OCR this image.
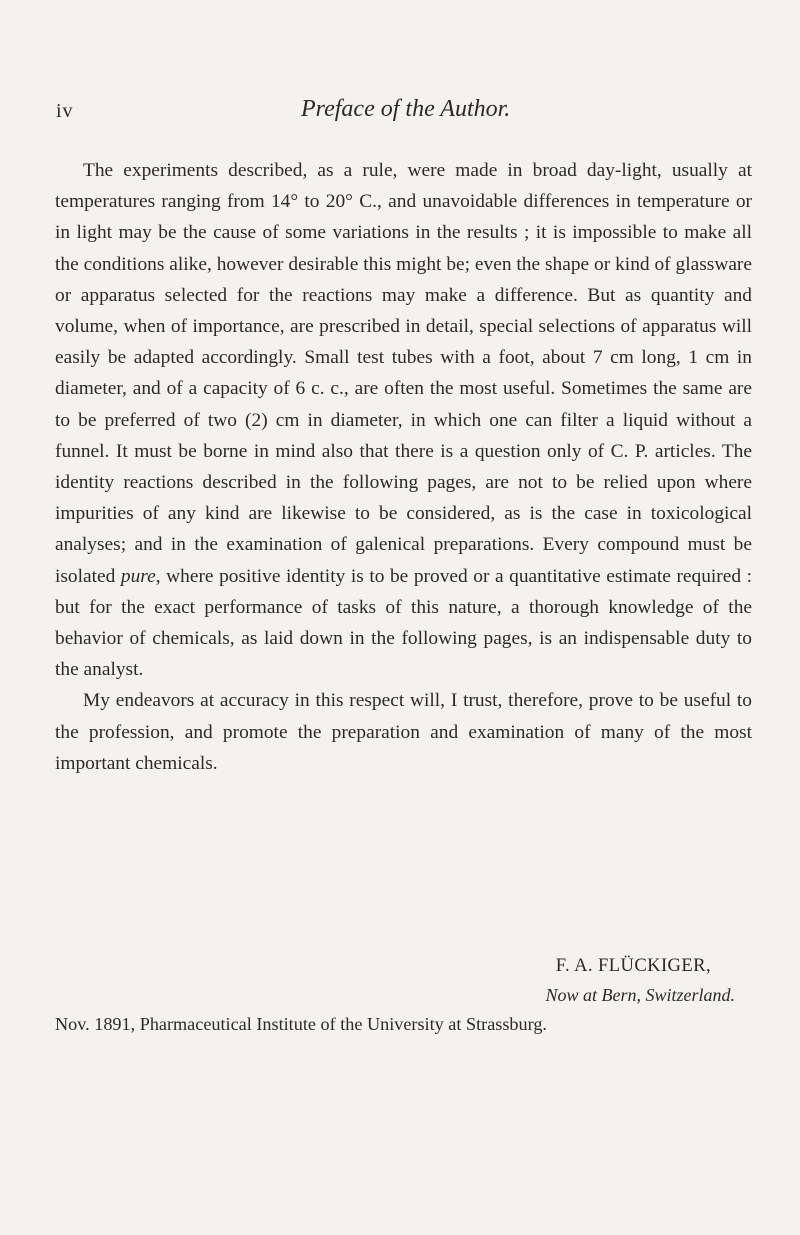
iv	Preface of the Author.

The experiments described, as a rule, were made in broad day-light, usually at temperatures ranging from 14° to 20° C., and unavoidable differences in temperature or in light may be the cause of some variations in the results ; it is impossible to make all the conditions alike, however desirable this might be; even the shape or kind of glassware or apparatus selected for the reactions may make a difference. But as quantity and volume, when of importance, are prescribed in detail, special selections of apparatus will easily be adapted accordingly. Small test tubes with a foot, about 7 cm long, 1 cm in diameter, and of a capacity of 6 c. c., are often the most useful. Sometimes the same are to be preferred of two (2) cm in diameter, in which one can filter a liquid without a funnel. It must be borne in mind also that there is a question only of C. P. articles. The identity reactions described in the following pages, are not to be relied upon where impurities of any kind are likewise to be considered, as is the case in toxicological analyses; and in the examination of galenical preparations. Every compound must be isolated pure, where positive identity is to be proved or a quantitative estimate required : but for the exact performance of tasks of this nature, a thorough knowledge of the behavior of chemicals, as laid down in the following pages, is an indispensable duty to the analyst.

My endeavors at accuracy in this respect will, I trust, therefore, prove to be useful to the profession, and promote the preparation and examination of many of the most important chemicals.

F. A. FLÜCKIGER,
Now at Bern, Switzerland.
Nov. 1891, Pharmaceutical Institute of the University at Strassburg.
